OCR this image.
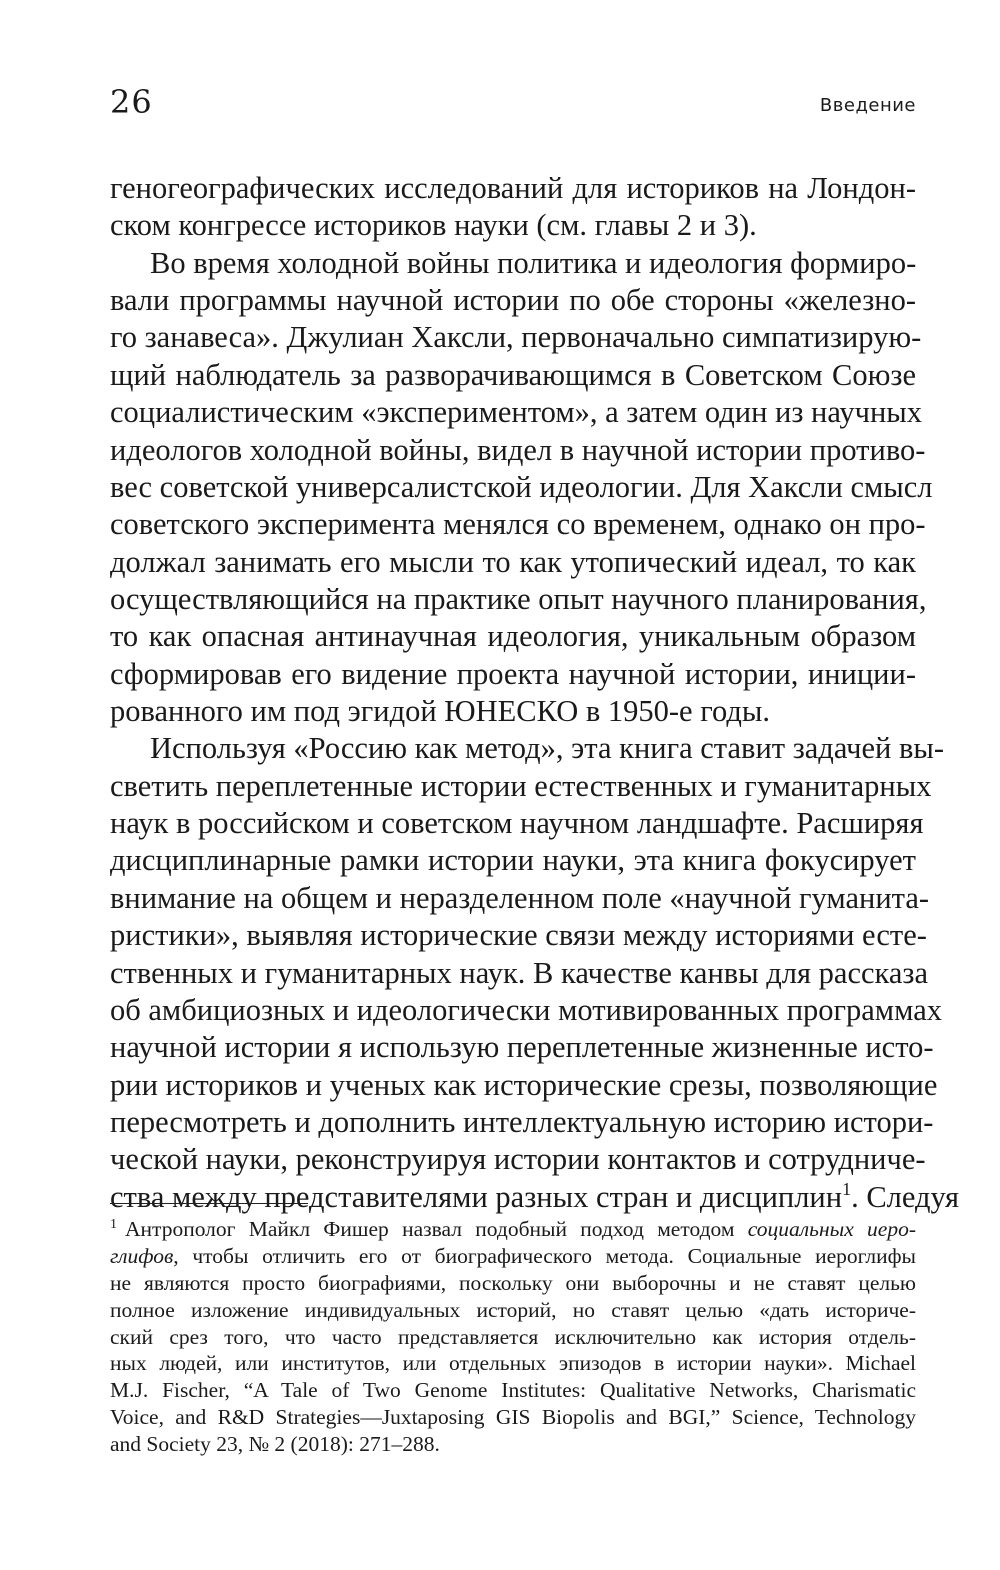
26	Введение
геногеографических исследований для историков на Лондон-
ском конгрессе историков науки (см. главы 2 и 3).
Во время холодной войны политика и идеология формиро-
вали программы научной истории по обе стороны «железно-
го занавеса». Джулиан Хаксли, первоначально симпатизирую-
щий наблюдатель за разворачивающимся в Советском Союзе
социалистическим «экспериментом», а затем один из научных
идеологов холодной войны, видел в научной истории противо-
вес советской универсалистской идеологии. Для Хаксли смысл
советского эксперимента менялся со временем, однако он про-
должал занимать его мысли то как утопический идеал, то как
осуществляющийся на практике опыт научного планирования,
то как опасная антинаучная идеология, уникальным образом
сформировав его видение проекта научной истории, иниции-
рованного им под эгидой ЮНЕСКО в 1950-е годы.
Используя «Россию как метод», эта книга ставит задачей вы-
светить переплетенные истории естественных и гуманитарных
наук в российском и советском научном ландшафте. Расширяя
дисциплинарные рамки истории науки, эта книга фокусирует
внимание на общем и неразделенном поле «научной гуманита-
ристики», выявляя исторические связи между историями есте-
ственных и гуманитарных наук. В качестве канвы для рассказа
об амбициозных и идеологически мотивированных программах
научной истории я использую переплетенные жизненные исто-
рии историков и ученых как исторические срезы, позволяющие
пересмотреть и дополнить интеллектуальную историю истори-
ческой науки, реконструируя истории контактов и сотрудниче-
ства между представителями разных стран и дисциплин$^1$. Следуя
$^1$ Антрополог Майкл Фишер назвал подобный подход методом социальных иеро-
глифов, чтобы отличить его от биографического метода. Социальные иероглифы
не являются просто биографиями, поскольку они выборочны и не ставят целью
полное изложение индивидуальных историй, но ставят целью «дать историче-
ский срез того, что часто представляется исключительно как история отдель-
ных людей, или институтов, или отдельных эпизодов в истории науки». Michael
M.J. Fischer, “A Tale of Two Genome Institutes: Qualitative Networks, Charismatic
Voice, and R&D Strategies—Juxtaposing GIS Biopolis and BGI,” Science, Technology
and Society 23, № 2 (2018): 271–288.
